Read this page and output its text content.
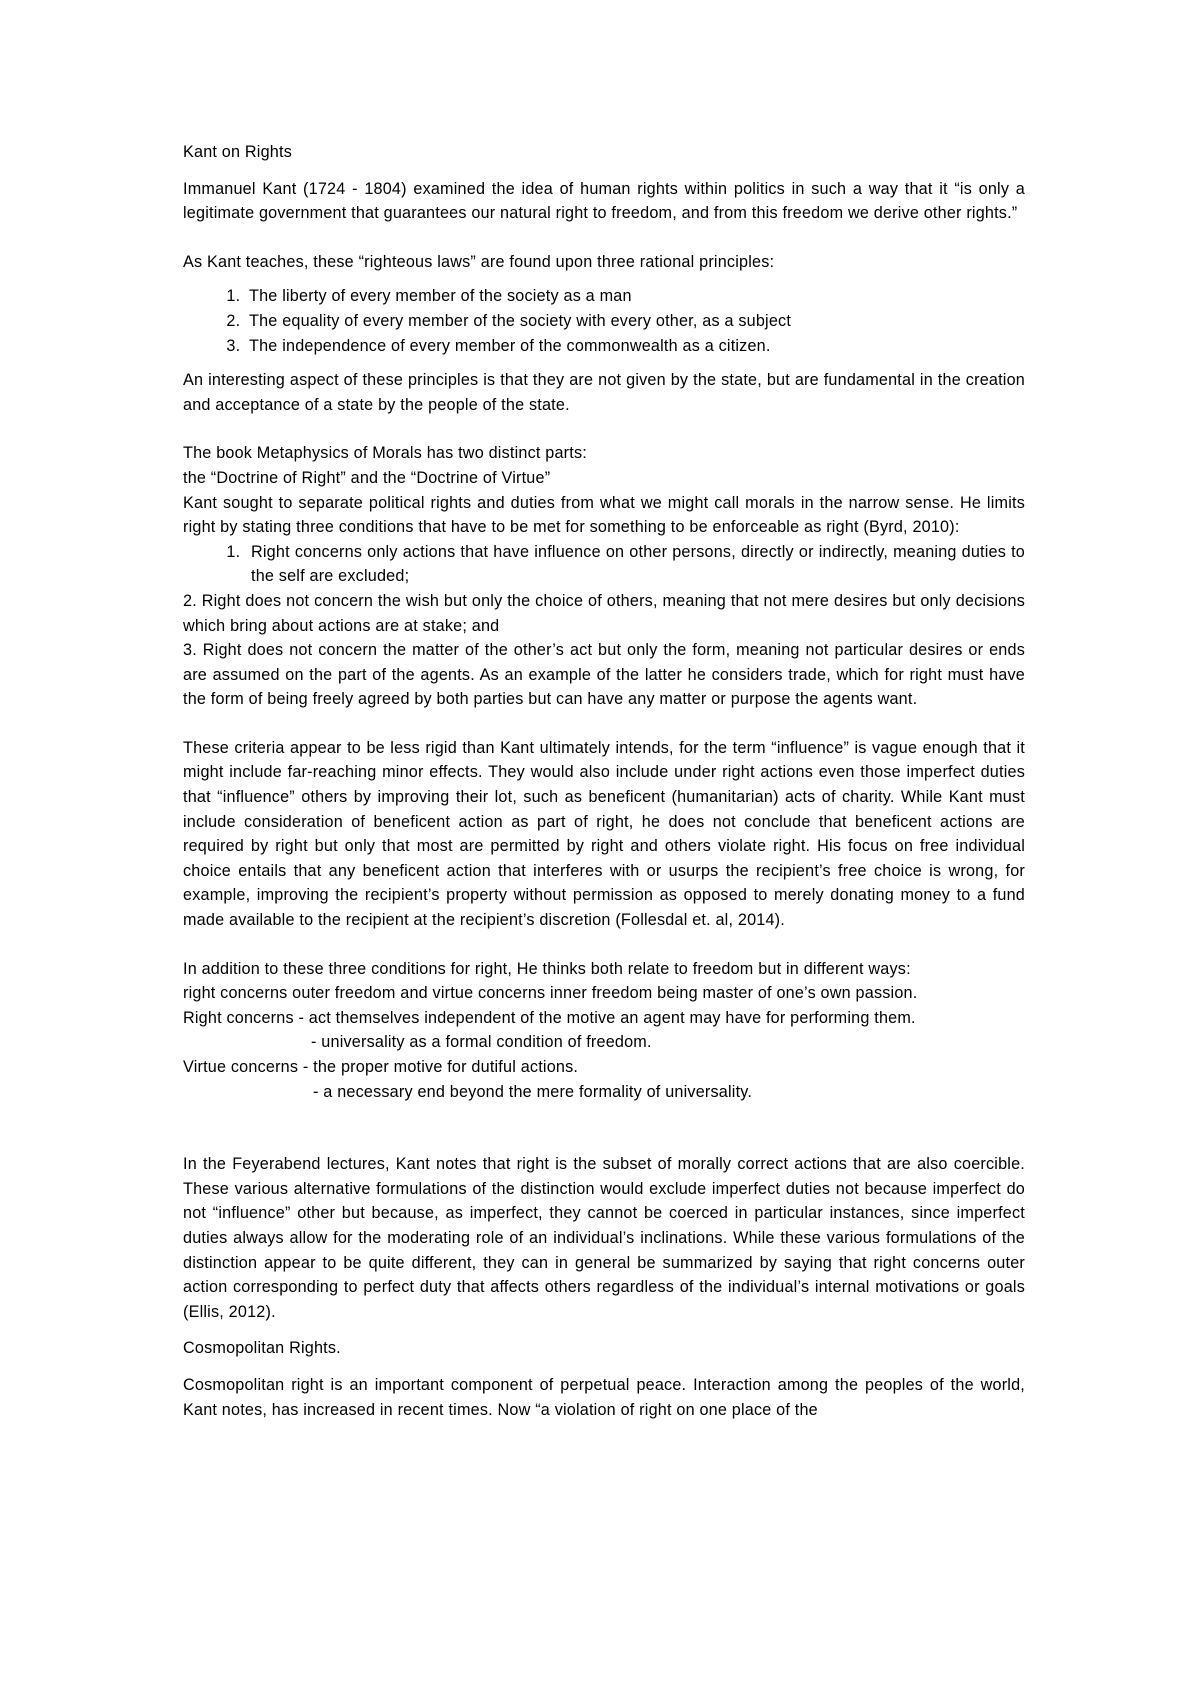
Kant on Rights

Immanuel Kant (1724 - 1804) examined the idea of human rights within politics in such a way that it “is only a legitimate government that guarantees our natural right to freedom, and from this freedom we derive other rights.”

As Kant teaches, these “righteous laws” are found upon three rational principles:

1. The liberty of every member of the society as a man
2. The equality of every member of the society with every other, as a subject
3. The independence of every member of the commonwealth as a citizen.

An interesting aspect of these principles is that they are not given by the state, but are fundamental in the creation and acceptance of a state by the people of the state.

The book Metaphysics of Morals has two distinct parts:

the “Doctrine of Right” and the “Doctrine of Virtue”

Kant sought to separate political rights and duties from what we might call morals in the narrow sense. He limits right by stating three conditions that have to be met for something to be enforceable as right (Byrd, 2010):

1. Right concerns only actions that have influence on other persons, directly or indirectly, meaning duties to the self are excluded;

2. Right does not concern the wish but only the choice of others, meaning that not mere desires but only decisions which bring about actions are at stake; and

3. Right does not concern the matter of the other’s act but only the form, meaning not particular desires or ends are assumed on the part of the agents. As an example of the latter he considers trade, which for right must have the form of being freely agreed by both parties but can have any matter or purpose the agents want.

These criteria appear to be less rigid than Kant ultimately intends, for the term “influence” is vague enough that it might include far-reaching minor effects. They would also include under right actions even those imperfect duties that “influence” others by improving their lot, such as beneficent (humanitarian) acts of charity. While Kant must include consideration of beneficent action as part of right, he does not conclude that beneficent actions are required by right but only that most are permitted by right and others violate right. His focus on free individual choice entails that any beneficent action that interferes with or usurps the recipient’s free choice is wrong, for example, improving the recipient’s property without permission as opposed to merely donating money to a fund made available to the recipient at the recipient’s discretion (Follesdal et. al, 2014).

In addition to these three conditions for right, He thinks both relate to freedom but in different ways:

right concerns outer freedom and virtue concerns inner freedom being master of one’s own passion.

Right concerns - act themselves independent of the motive an agent may have for performing them.

- universality as a formal condition of freedom.

Virtue concerns - the proper motive for dutiful actions.

- a necessary end beyond the mere formality of universality.

In the Feyerabend lectures, Kant notes that right is the subset of morally correct actions that are also coercible. These various alternative formulations of the distinction would exclude imperfect duties not because imperfect do not “influence” other but because, as imperfect, they cannot be coerced in particular instances, since imperfect duties always allow for the moderating role of an individual’s inclinations. While these various formulations of the distinction appear to be quite different, they can in general be summarized by saying that right concerns outer action corresponding to perfect duty that affects others regardless of the individual’s internal motivations or goals (Ellis, 2012).

Cosmopolitan Rights.

Cosmopolitan right is an important component of perpetual peace. Interaction among the peoples of the world, Kant notes, has increased in recent times. Now “a violation of right on one place of the
